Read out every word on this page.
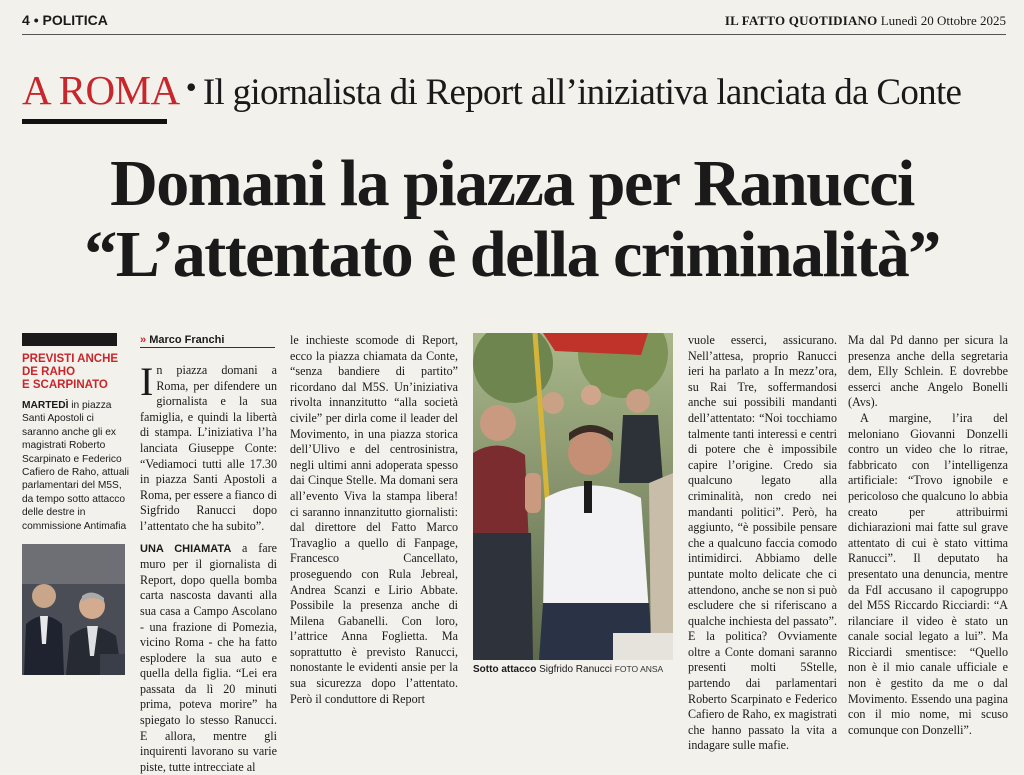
4 • POLITICA	IL FATTO QUOTIDIANO Lunedì 20 Ottobre 2025
A ROMA • Il giornalista di Report all’iniziativa lanciata da Conte
Domani la piazza per Ranucci
“L’attentato è della criminalità”
PREVISTI ANCHE
DE RAHO
E SCARPINATO
MARTEDÌ in piazza Santi Apostoli ci saranno anche gli ex magistrati Roberto Scarpinato e Federico Cafiero de Raho, attuali parlamentari del M5S, da tempo sotto attacco delle destre in commissione Antimafia
» Marco Franchi

In piazza domani a Roma, per difendere un giornalista e la sua famiglia, e quindi la libertà di stampa. L’iniziativa l’ha lanciata Giuseppe Conte: “Vediamoci tutti alle 17.30 in piazza Santi Apostoli a Roma, per essere a fianco di Sigfrido Ranucci dopo l’attentato che ha subito”.

UNA CHIAMATA a fare muro per il giornalista di Report, dopo quella bomba carta nascosta davanti alla sua casa a Campo Ascolano - una frazione di Pomezia, vicino Roma - che ha fatto esplodere la sua auto e quella della figlia. “Lei era passata da lì 20 minuti prima, poteva morire” ha spiegato lo stesso Ranucci. E allora, mentre gli inquirenti lavorano su varie piste, tutte intrecciate al

le inchieste scomode di Report, ecco la piazza chiamata da Conte, “senza bandiere di partito” ricordano dal M5S. Un’iniziativa rivolta innanzitutto “alla società civile” per dirla come il leader del Movimento, in una piazza storica dell’Ulivo e del centrosinistra, negli ultimi anni adoperata spesso dai Cinque Stelle. Ma domani sera all’evento Viva la stampa libera! ci saranno innanzitutto giornalisti: dal direttore del Fatto Marco Travaglio a quello di Fanpage, Francesco Cancellato, proseguendo con Rula Jebreal, Andrea Scanzi e Lirio Abbate. Possibile la presenza anche di Milena Gabanelli. Con loro, l’attrice Anna Foglietta. Ma soprattutto è previsto Ranucci, nonostante le evidenti ansie per la sua sicurezza dopo l’attentato. Però il conduttore di Report

Sotto attacco Sigfrido Ranucci FOTO ANSA

vuole esserci, assicurano. Nell’attesa, proprio Ranucci ieri ha parlato a In mezz’ora, su Rai Tre, soffermandosi anche sui possibili mandanti dell’attentato: “Noi tocchiamo talmente tanti interessi e centri di potere che è impossibile capire l’origine. Credo sia qualcuno legato alla criminalità, non credo nei mandanti politici”. Però, ha aggiunto, “è possibile pensare che a qualcuno faccia comodo intimidirci. Abbiamo delle puntate molto delicate che ci attendono, anche se non si può escludere che si riferiscano a qualche inchiesta del passato”. E la politica? Ovviamente oltre a Conte domani saranno presenti molti 5Stelle, partendo dai parlamentari Roberto Scarpinato e Federico Cafiero de Raho, ex magistrati che hanno passato la vita a indagare sulle mafie.

Ma dal Pd danno per sicura la presenza anche della segretaria dem, Elly Schlein. E dovrebbe esserci anche Angelo Bonelli (Avs).

A margine, l’ira del meloniano Giovanni Donzelli contro un video che lo ritrae, fabbricato con l’intelligenza artificiale: “Trovo ignobile e pericoloso che qualcuno lo abbia creato per attribuirmi dichiarazioni mai fatte sul grave attentato di cui è stato vittima Ranucci”. Il deputato ha presentato una denuncia, mentre da FdI accusano il capogruppo del M5S Riccardo Ricciardi: “A rilanciare il video è stato un canale social legato a lui”. Ma Ricciardi smentisce: “Quello non è il mio canale ufficiale e non è gestito da me o dal Movimento. Essendo una pagina con il mio nome, mi scuso comunque con Donzelli”.
